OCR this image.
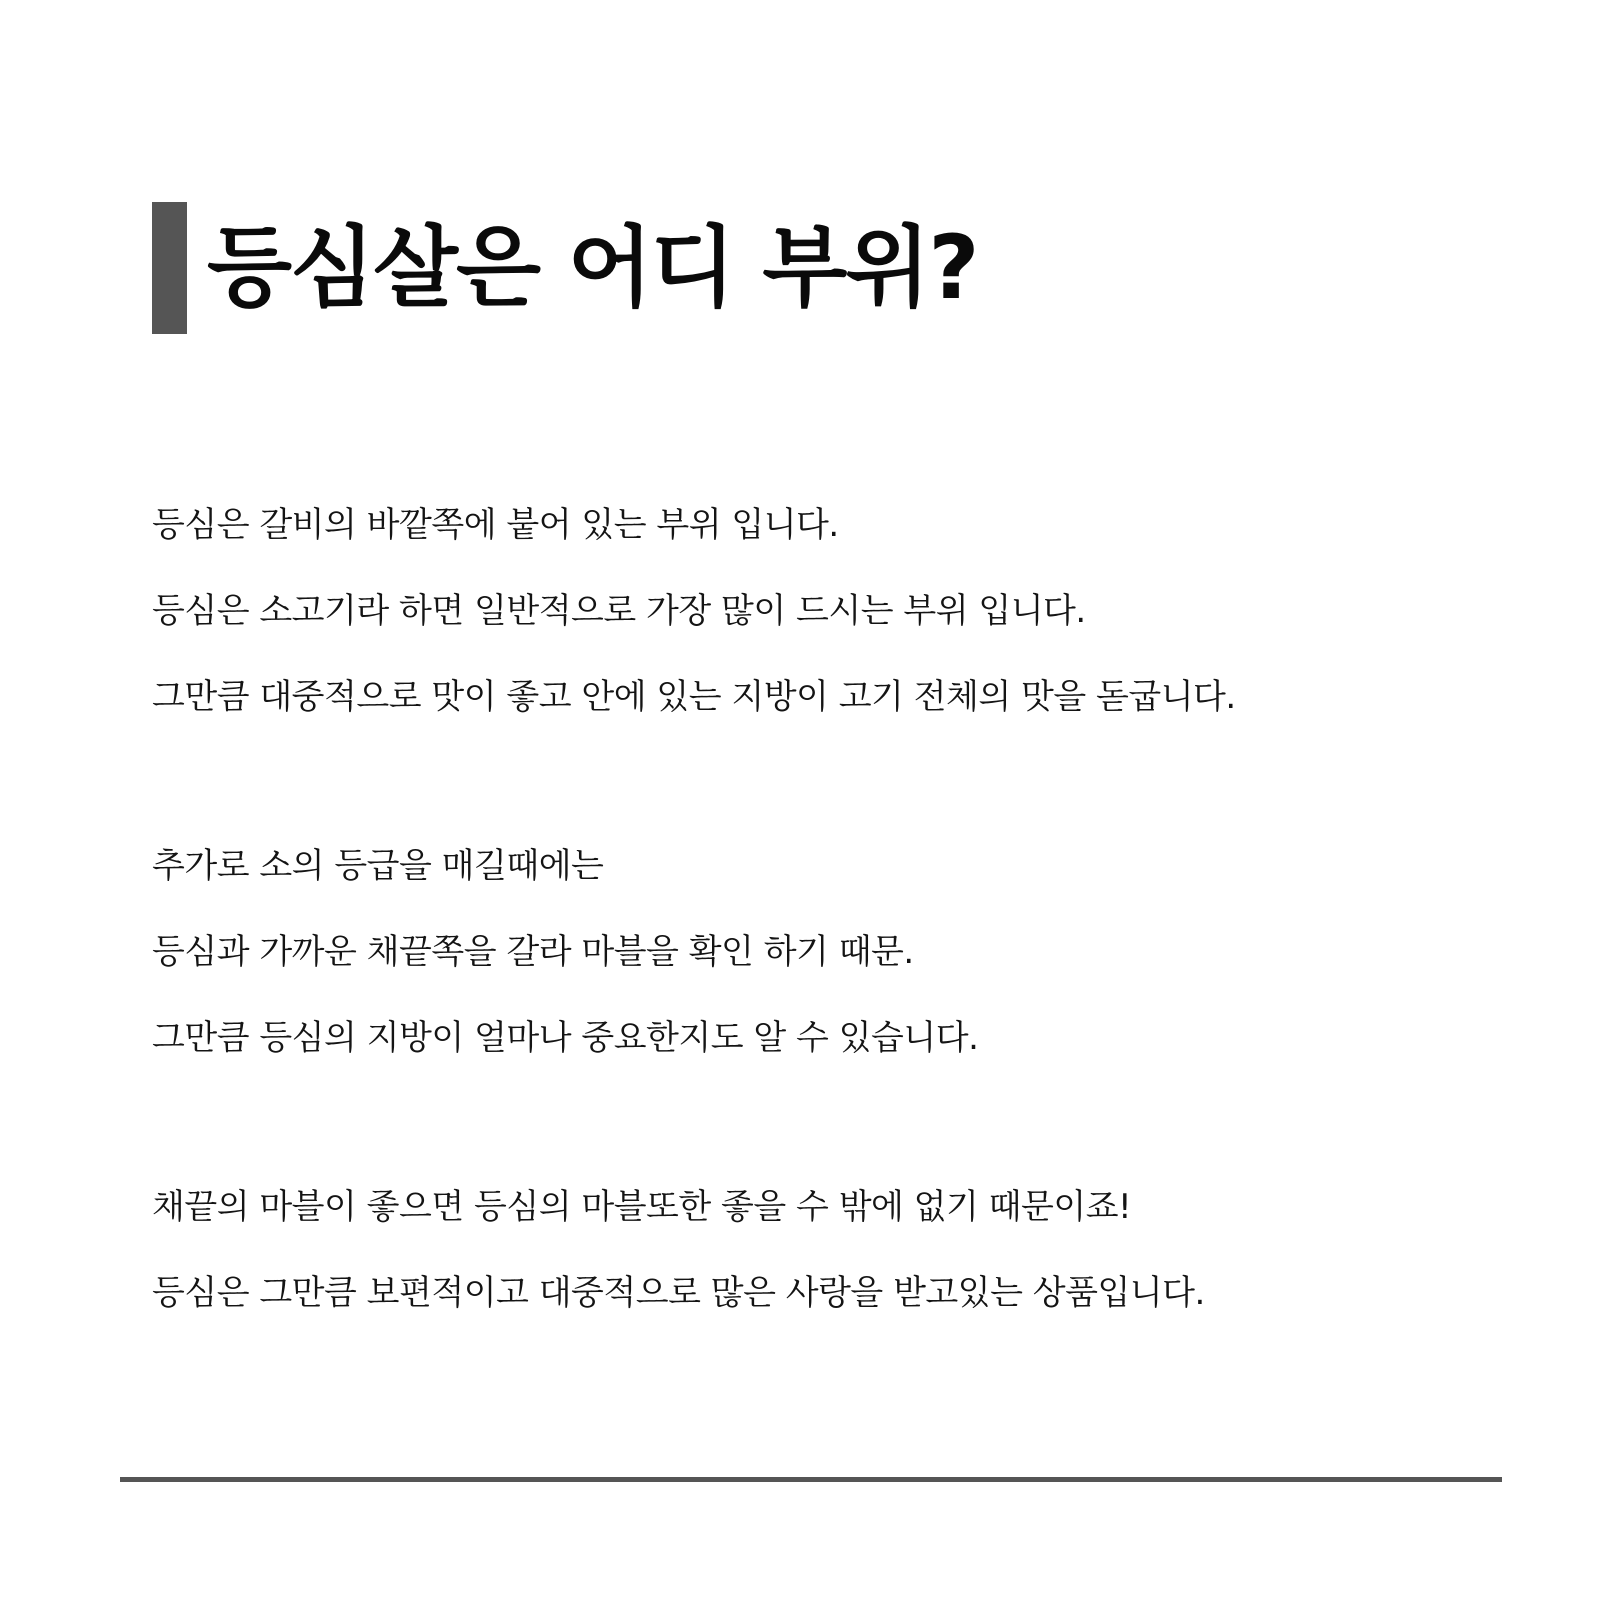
등심살은 어디 부위?

등심은 갈비의 바깥쪽에 붙어 있는 부위 입니다.
등심은 소고기라 하면 일반적으로 가장 많이 드시는 부위 입니다.
그만큼 대중적으로 맛이 좋고 안에 있는 지방이 고기 전체의 맛을 돋굽니다.

추가로 소의 등급을 매길때에는
등심과 가까운 채끝쪽을 갈라 마블을 확인 하기 때문.
그만큼 등심의 지방이 얼마나 중요한지도 알 수 있습니다.

채끝의 마블이 좋으면 등심의 마블또한 좋을 수 밖에 없기 때문이죠!
등심은 그만큼 보편적이고 대중적으로 많은 사랑을 받고있는 상품입니다.
